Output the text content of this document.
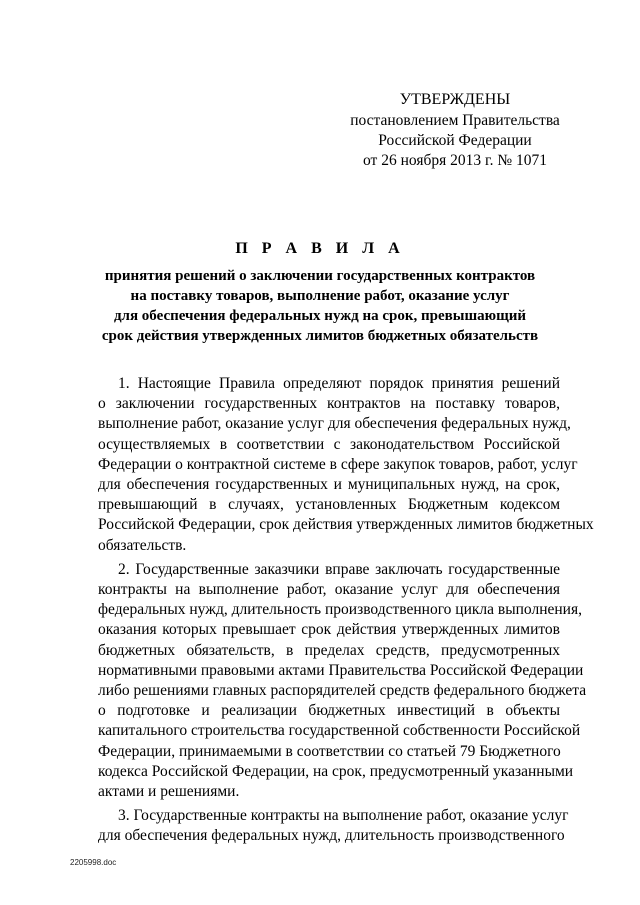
УТВЕРЖДЕНЫ
постановлением Правительства
Российской Федерации
от 26 ноября 2013 г. № 1071
П Р А В И Л А
принятия решений о заключении государственных контрактов
на поставку товаров, выполнение работ, оказание услуг
для обеспечения федеральных нужд на срок, превышающий
срок действия утвержденных лимитов бюджетных обязательств
1. Настоящие Правила определяют порядок принятия решений
о заключении государственных контрактов на поставку товаров,
выполнение работ, оказание услуг для обеспечения федеральных нужд,
осуществляемых в соответствии с законодательством Российской
Федерации о контрактной системе в сфере закупок товаров, работ, услуг
для обеспечения государственных и муниципальных нужд, на срок,
превышающий в случаях, установленных Бюджетным кодексом
Российской Федерации, срок действия утвержденных лимитов бюджетных
обязательств.
2. Государственные заказчики вправе заключать государственные
контракты на выполнение работ, оказание услуг для обеспечения
федеральных нужд, длительность производственного цикла выполнения,
оказания которых превышает срок действия утвержденных лимитов
бюджетных обязательств, в пределах средств, предусмотренных
нормативными правовыми актами Правительства Российской Федерации
либо решениями главных распорядителей средств федерального бюджета
о подготовке и реализации бюджетных инвестиций в объекты
капитального строительства государственной собственности Российской
Федерации, принимаемыми в соответствии со статьей 79 Бюджетного
кодекса Российской Федерации, на срок, предусмотренный указанными
актами и решениями.
3. Государственные контракты на выполнение работ, оказание услуг
для обеспечения федеральных нужд, длительность производственного
2205998.doc
